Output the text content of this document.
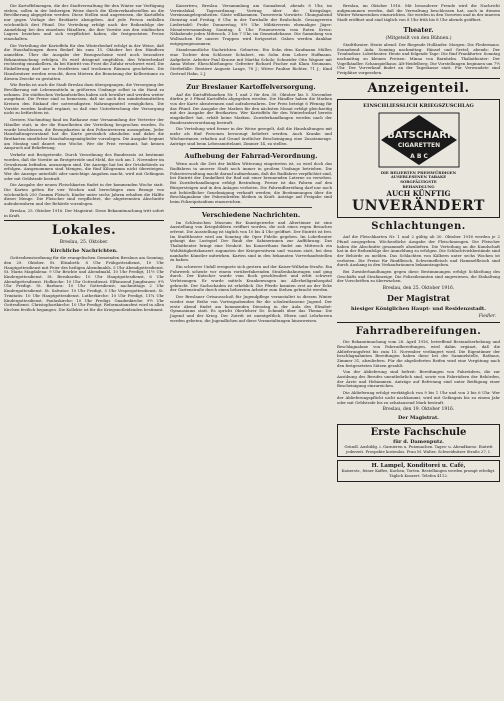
Die Kartoffelmengen, die der Stadtverwaltung für den Winter zur Verfügung stehen, sollen in der bisherigen Weise durch die Kleinverkaufsstellen an die Bevölkerung abgegeben werden. Diese Stellen sind angewiesen, die Kartoffeln nur gegen Vorlage der Brotkarte abzugeben. Auf jede Person entfallen wöchentlich drei Pfund. Die Verteilung erfolgt nach der Reihenfolge der Anmeldung bei den einzelnen Händlern, die ihre Vorräte aus den städtischen Lagern beziehen und sich verpflichtet haben, die festgesetzten Preise einzuhalten.

Die Verteilung der Kartoffeln für den Winterbedarf erfolgt in der Weise, daß die Haushaltungen ihren Bedarf bis zum 15. Oktober bei den Händlern anmelden. Über die Ausgabe der Bezugsscheine wird noch besondere Bekanntmachung erfolgen. Es wird dringend empfohlen, den Winterbedarf rechtzeitig einzukellern, da bei Eintritt von Frost die Zufuhr erschwert wird. Die Einkellerung darf nur in frostfreien und trockenen Räumen geschehen. Die Hausbesitzer werden ersucht, ihren Mietern die Benutzung der Kellerräume zu diesem Zwecke zu gestatten.

Wie Berlin ist auch die Stadt Breslau dazu übergegangen, die Versorgung der Bevölkerung mit Lebensmitteln in größerem Umfange selbst in die Hand zu nehmen. Die städtischen Verkaufsstellen haben sich bewährt und werden weiter ausgebaut. Die Preise sind so bemessen, daß sie auch den minderbemittelten Kreisen den Einkauf der notwendigsten Nahrungsmittel ermöglichen. Die Vorräte werden laufend ergänzt, so daß eine Unterbrechung der Versorgung nicht zu befürchten ist.

Gestern Nachmittag fand im Rathause eine Versammlung der Vertreter der Händler statt, in der die Einzelheiten der Verteilung besprochen wurden. Es wurde beschlossen, die Bezugskarten in den Polizeirevieren auszugeben. Jeder Haushaltungsvorstand hat die Karte persönlich abzuholen und dabei die Brotkarten sämtlicher Haushaltungsmitglieder vorzulegen. Die Ausgabe beginnt am Montag und dauert eine Woche. Wer die Frist versäumt, hat keinen Anspruch auf Belieferung.

Verkehr mit Brotgetreide. Durch Verordnung des Bundesrats ist bestimmt worden, daß die Vorräte an Brotgetreide und Mehl, die sich am 1. November im Gewahrsam befinden, anzuzeigen sind. Die Anzeige hat bei der Ortsbehörde zu erfolgen. Ausgenommen sind Mengen, die fünf Kilogramm nicht übersteigen. Wer die Anzeige unterläßt oder unrichtige Angaben macht, wird mit Gefängnis oder mit Geldstrafe bestraft.

Die Ausgabe der neuen Fleischkarten findet in der kommenden Woche statt. Die Karten gelten für vier Wochen und berechtigen zum Bezuge von wöchentlich 250 Gramm Fleisch. Kinder unter sechs Jahren erhalten die Hälfte dieser Menge. Die Fleischer sind verpflichtet, die abgetrennten Abschnitte aufzubewahren und der Behörde vorzulegen.

Breslau, 25. Oktober 1916. Der Magistrat. Diese Bekanntmachung tritt sofort in Kraft.

Lokales.
Breslau, 25. Oktober.
Kirchliche Nachrichten.

Gottesdienstordnung für die evangelischen Gemeinden Breslaus am Sonntag, den 29. Oktober. St. Elisabeth: 8 Uhr Frühgottesdienst, 10 Uhr Hauptgottesdienst mit Feier des heiligen Abendmahls, 5 Uhr Abendgottesdienst. St. Maria Magdalena: 9 Uhr Beichte und Abendmahl, 10 Uhr Predigt, 11½ Uhr Kindergottesdienst. St. Bernhardin: 10 Uhr Hauptgottesdienst, 6 Uhr Abendgottesdienst. Hofkirche: 10 Uhr Gottesdienst. Elftausend Jungfrauen: 9½ Uhr Predigt. St. Barbara: 10 Uhr Gottesdienst, nachmittags 2 Uhr Kindergottesdienst. St. Salvator: 10 Uhr Predigt, 5 Uhr Vespergottesdienst. St. Trinitatis: 10 Uhr Hauptgottesdienst. Lutherkirche: 10 Uhr Predigt, 11¾ Uhr Kindergottesdienst. Pauluskirche: 10 Uhr Predigt. Gnadenkirche: 9½ Uhr Gottesdienst. Christophorikirche: 10 Uhr Predigt. Reformationsfest wird in allen Kirchen festlich begangen. Die Kollekte ist für die Kriegsnotleidenden bestimmt.

Kaisertreu, Breslau. Versammlung am Sonnabend, abends 8 Uhr, im Vereinslokal. Tagesordnung: Vortrag über die Kriegslage, Vereinsangelegenheiten. Gäste willkommen. Turnverein Vorwärts: Übungsabend Dienstag und Freitag, 8 Uhr, in der Turnhalle der Realschule. Gesangverein Liedertafel: Probe Donnerstag, 8½ Uhr. Militärverein ehemaliger Jäger: Monatsversammlung Sonntag, 4 Uhr. Frauenverein vom Roten Kreuz: Nähabende jeden Mittwoch, 3 bis 7 Uhr, im Gemeindehause. Die Sammlung von Wollsachen für unsere Truppen wird fortgesetzt. Gaben werden dankbar entgegengenommen.

Standesamtliche Nachrichten. Geburten: Ein Sohn dem Kaufmann Müller, eine Tochter dem Schlosser Schubert, ein Sohn dem Lehrer Hoffmann. Aufgebote: Arbeiter Paul Krause mit Martha Scholz; Schneider Otto Wagner mit Anna Weber. Eheschließungen: Gefreiter Richard Fischer mit Klara Neumann. Sterbefälle: Rentiere Auguste Lange, 78 J.; Witwe Pauline Richter, 71 J.; Kind Gertrud Hahn, 2 J.

Zur Breslauer Kartoffelversorgung.

Auf die Kartoffelmarken Nr. 1 und 2 für den 30. Oktober bis 5. November dürfen je 3 Pfund Kartoffeln abgegeben werden. Die Händler haben die Marken von der Karte abzutrennen und aufzubewahren. Der Preis beträgt 6 Pfennig für das Pfund. Die Ausgabe der Marken für den nächsten Monat erfolgt gleichzeitig mit der Ausgabe der Brotkarten. Wer Kartoffeln für den Winterbedarf bereits eingekellert hat, erhält keine Marken. Zuwiderhandlungen werden nach der Bundesratsverordnung bestraft.

Die Verteilung wird ferner in der Weise geregelt, daß die Haushaltungen mit mehr als fünf Personen bevorzugt beliefert werden. Auch Kranke und Wöchnerinnen erhalten auf Grund ärztlicher Bescheinigung eine Zusatzmenge. Anträge sind beim Lebensmittelamt, Zimmer 14, zu stellen.

Aufhebung der Fahrrad-Verordnung.

Wenn auch die Zeit der kühlen Witterung eingetreten ist, so wird doch das Radfahren in unserer Stadt noch immer in großem Umfange betrieben. Die Polizeiverwaltung macht darauf aufmerksam, daß die Radfahrer verpflichtet sind, bei Eintritt der Dunkelheit ihr Rad mit einer brennenden Laterne zu versehen. Bei Zuwiderhandlungen erfolgt Bestrafung. Ferner ist das Fahren auf den Bürgersteigen und in den Anlagen verboten. Die Fahrradbereifung darf nur noch mit behördlicher Genehmigung verkauft werden; die Bestimmungen über die Beschlagnahme der Fahrradreifen bleiben in Kraft. Anträge auf Freigabe sind beim Polizeipräsidium einzureichen.

Verschiedene Nachrichten.

Im Schlesischen Museum für Kunstgewerbe und Altertümer ist eine Ausstellung von Kriegsbildern eröffnet worden, die sich eines regen Besuches erfreut. Die Ausstellung ist täglich von 10 bis 4 Uhr geöffnet. Der Eintritt ist frei. Im Stadttheater wird am Sonntag die Oper Fidelio gegeben. Im Lobetheater gelangt das Lustspiel Der Raub der Sabinerinnen zur Aufführung. Das Thaliatheater bringt eine Neuheit. Im Konzerthaus findet am Mittwoch ein Wohltätigkeitskonzert zugunsten der Kriegerwitwen und -waisen statt, bei dem namhafte Künstler mitwirken. Karten sind in den bekannten Vorverkaufsstellen zu haben.

Ein schwerer Unfall ereignete sich gestern auf der Kaiser-Wilhelm-Straße. Ein Fuhrwerk scheute vor einem vorüberfahrenden Straßenbahnwagen und ging durch. Der Kutscher wurde vom Bock geschleudert und erlitt schwere Verletzungen. Er wurde mittels Krankenwagen ins Allerheiligenhospital gebracht. Der Sachschaden ist erheblich. Die Pferde konnten erst an der Ecke der Gartenstraße durch einen beherzten Arbeiter zum Stehen gebracht werden.

Der Breslauer Ortsausschuß für Jugendpflege veranstaltet in diesem Winter wieder eine Reihe von Vortragsabenden für die schulentlassene Jugend. Der erste Abend findet am kommenden Dienstag in der Aula des Elisabet-Gymnasiums statt. Es spricht Oberlehrer Dr. Schmidt über das Thema: Die Jugend und der Krieg. Der Zutritt ist unentgeltlich. Eltern und Lehrherren werden gebeten, die Jugendlichen auf diese Veranstaltungen hinzuweisen.

Breslau, im Oktober 1916. Mit besonderer Freude wird die Nachricht aufgenommen werden, daß die Verwaltung beschlossen hat, auch in diesem Winter Wärmestuben einzurichten. Sie werden in den Vororten und in der inneren Stadt eröffnet und sind täglich von 8 Uhr früh bis 8 Uhr abends geöffnet.

Theater.
(Mitgeteilt von den Bühnen.)

Stadttheater. Heute abend: Der fliegende Holländer. Morgen: Die Fledermaus. Sonnabend: Aida. Sonntag nachmittag: Hänsel und Gretel; abends: Der Troubadour. Lobetheater. Heute und folgende Tage: Die fünf Frankfurter. Sonntag nachmittag zu kleinen Preisen: Minna von Barnhelm. Thaliatheater: Der Vogelhändler. Schauspielhaus: Alt-Heidelberg. Die Vorstellungen beginnen um 7½ Uhr. Der Vorverkauf findet an der Tageskasse statt. Für Verwundete sind Freiplätze vorgesehen.

Anzeigenteil.
EINSCHLIESSLICH KRIEGSZUSCHLAG
BATSCHARI
CIGARETTEN
A B C
DIE BELIEBTEN PREISWÜRDIGEN
AUSERLESENEN TABAKE
SORGFÄLTIGSTE
BEHANDLUNG
AUCH KÜNFTIG
UNVERÄNDERT
Schlachtungen.

Auf die Fleischkarten Nr. 1 und 2 gültig ab 30. Oktober 1916 werden je 2 Pfund ausgegeben. Wöchentliche Ausgabe der Fleischmengen. Die Fleischer haben die Abschnitte gesammelt abzuliefern. Die Verteilung an die Kundschaft hat in der Reihenfolge der Anmeldung zu erfolgen. Die Schlachtviehbestände sind der Behörde zu melden. Das Schlachten von Kälbern unter sechs Wochen ist verboten. Die Preise für Rindfleisch, Schweinefleisch und Hammelfleisch sind durch Aushang in den Verkaufsräumen bekanntzugeben.

Bei Zuwiderhandlungen gegen diese Bestimmungen erfolgt Schließung des Geschäfts und Strafanzeige. Die Polizeibeamten sind angewiesen, die Einhaltung der Vorschriften zu überwachen.

Breslau, den 25. Oktober 1916.
Der Magistrat
hiesiger Königlichen Haupt- und Residenzstadt.
Fiedler.
Fahrradbereifungen.

Die Bekanntmachung vom 28. April 1916, betreffend Bestandserhebung und Beschlagnahme von Fahrradbereifungen, wird dahin ergänzt, daß die Ablieferungsfrist bis zum 15. November verlängert wird. Die Eigentümer der beschlagnahmten Bereifungen haben diese bei der Sammelstelle, Rathaus, Zimmer 31, abzuliefern. Für die abgelieferten Reifen wird eine Vergütung nach den festgesetzten Sätzen gezahlt.

Von der Ablieferung sind befreit: Bereifungen von Fahrrädern, die zur Ausübung des Berufes unentbehrlich sind, sowie von Fahrrädern der Behörden, der Ärzte und Hebammen. Anträge auf Befreiung sind unter Beifügung einer Bescheinigung einzureichen.

Die Ablieferung erfolgt werktäglich von 9 bis 1 Uhr und von 3 bis 6 Uhr. Wer der Ablieferungspflicht nicht nachkommt, wird mit Gefängnis bis zu einem Jahr oder mit Geldstrafe bis zu zehntausend Mark bestraft.

Breslau, den 19. Oktober 1916.
Der Magistrat.
Erste Fachschule
für d. Damenputz.
Gründl. Ausbildg. i. Garnieren u. Putzmachen. Tages- u. Abendkurse. Eintritt jederzeit. Prospekte kostenlos. Frau M. Walter, Schweidnitzer Straße 27, I.
H. Lampel, Konditorei u. Café,
Kaiserstr., feiner Kaffee, Kuchen, Torten. Bestellungen werden prompt erledigt. Täglich Konzert. Telefon 4112.
